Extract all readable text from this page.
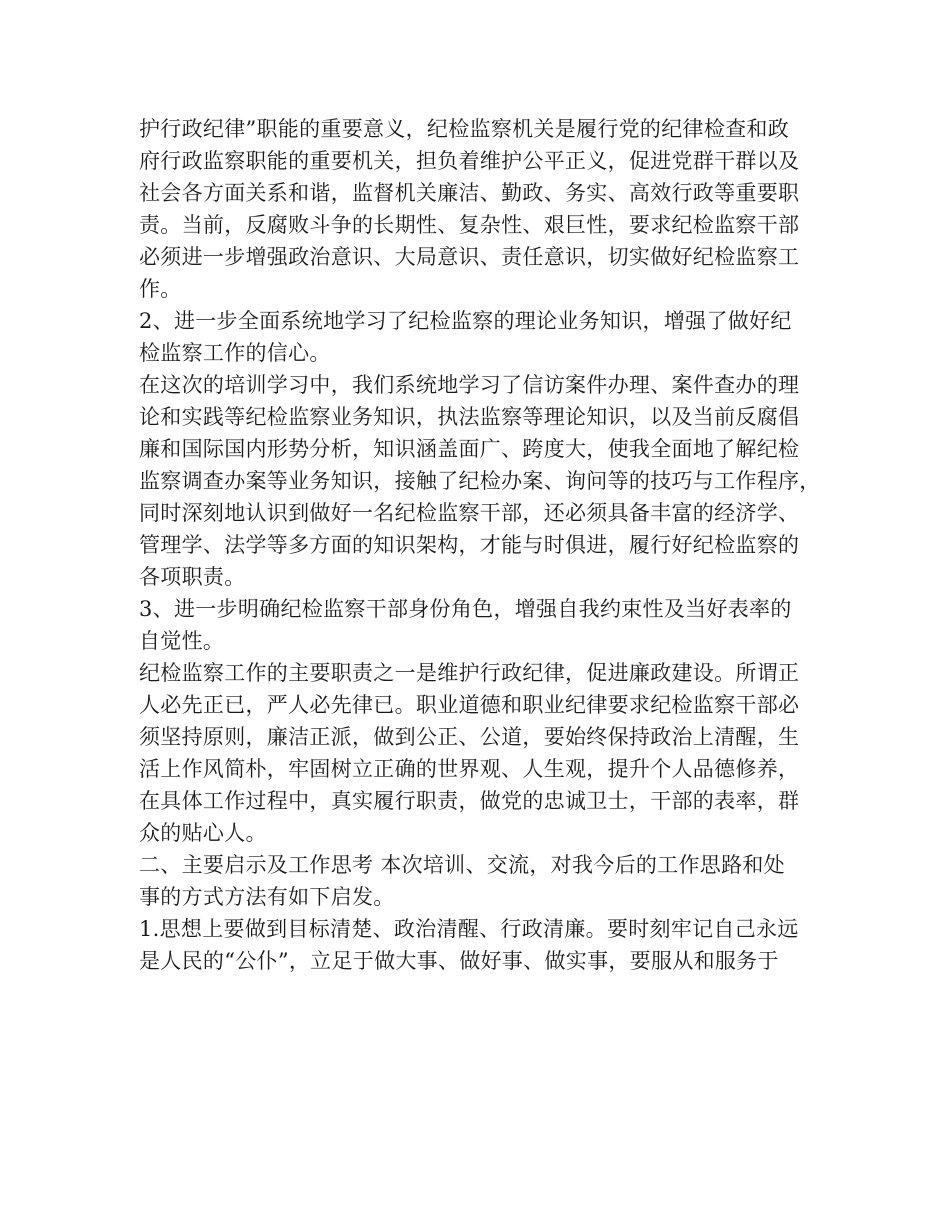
护行政纪律”职能的重要意义，纪检监察机关是履行党的纪律检查和政
府行政监察职能的重要机关，担负着维护公平正义，促进党群干群以及
社会各方面关系和谐，监督机关廉洁、勤政、务实、高效行政等重要职
责。当前，反腐败斗争的长期性、复杂性、艰巨性，要求纪检监察干部
必须进一步增强政治意识、大局意识、责任意识，切实做好纪检监察工
作。
2、进一步全面系统地学习了纪检监察的理论业务知识，增强了做好纪
检监察工作的信心。
在这次的培训学习中，我们系统地学习了信访案件办理、案件查办的理
论和实践等纪检监察业务知识，执法监察等理论知识，以及当前反腐倡
廉和国际国内形势分析，知识涵盖面广、跨度大，使我全面地了解纪检
监察调查办案等业务知识，接触了纪检办案、询问等的技巧与工作程序，
同时深刻地认识到做好一名纪检监察干部，还必须具备丰富的经济学、
管理学、法学等多方面的知识架构，才能与时俱进，履行好纪检监察的
各项职责。
3、进一步明确纪检监察干部身份角色，增强自我约束性及当好表率的
自觉性。
纪检监察工作的主要职责之一是维护行政纪律，促进廉政建设。所谓正
人必先正已，严人必先律已。职业道德和职业纪律要求纪检监察干部必
须坚持原则，廉洁正派，做到公正、公道，要始终保持政治上清醒，生
活上作风简朴，牢固树立正确的世界观、人生观，提升个人品德修养，
在具体工作过程中，真实履行职责，做党的忠诚卫士，干部的表率，群
众的贴心人。
二、主要启示及工作思考 本次培训、交流，对我今后的工作思路和处
事的方式方法有如下启发。
1.思想上要做到目标清楚、政治清醒、行政清廉。要时刻牢记自己永远
是人民的“公仆”，立足于做大事、做好事、做实事，要服从和服务于
